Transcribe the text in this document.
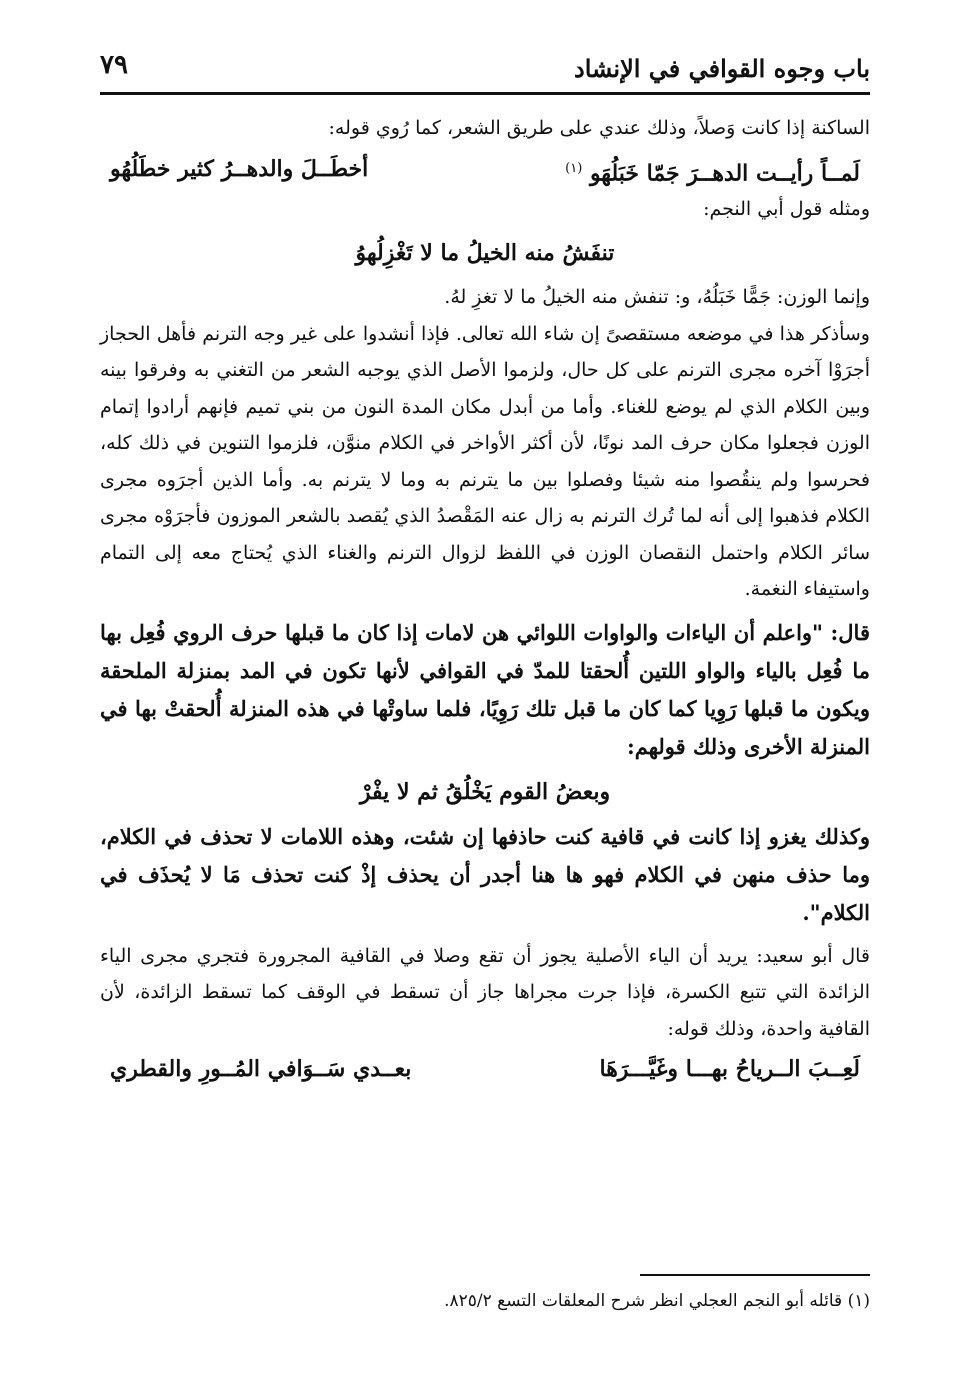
باب وجوه القوافي في الإنشاد
٧٩

الساكنة إذا كانت وَصلاً، وذلك عندي على طريق الشعر، كما رُوي قوله:

لَمــاً رأيــت الدهــرَ جَمّا خَبَلُهَو $^{(١)}$
أخطَــلَ والدهــرُ كثير خطَلُهُو

ومثله قول أبي النجم:

تنفَشُ منه الخيلُ ما لا تَغْزِلُهوُ

وإنما الوزن: جَمًّا خَبَلُهُ، و: تنفش منه الخيلُ ما لا تغزِ لهُ.

وسأذكر هذا في موضعه مستقصىً إن شاء الله تعالى. فإذا أنشدوا على غير وجه الترنم فأهل الحجاز أجرَوْا آخره مجرى الترنم على كل حال، ولزموا الأصل الذي يوجبه الشعر من التغني به وفرقوا بينه وبين الكلام الذي لم يوضع للغناء. وأما من أبدل مكان المدة النون من بني تميم فإنهم أرادوا إتمام الوزن فجعلوا مكان حرف المد نونًا، لأن أكثر الأواخر في الكلام منوَّن، فلزموا التنوين في ذلك كله، فحرسوا ولم ينقُصوا منه شيئا وفصلوا بين ما يترنم به وما لا يترنم به. وأما الذين أجرَوه مجرى الكلام فذهبوا إلى أنه لما تُرك الترنم به زال عنه المَقْصدُ الذي يُقصد بالشعر الموزون فأجرَوْه مجرى سائر الكلام واحتمل النقصان الوزن في اللفظ لزوال الترنم والغناء الذي يُحتاج معه إلى التمام واستيفاء النغمة.

قال: "واعلم أن الياءات والواوات اللوائي هن لامات إذا كان ما قبلها حرف الروي فُعِل بها ما فُعِل بالياء والواو اللتين أُلحقتا للمدّ في القوافي لأنها تكون في المد بمنزلة الملحقة ويكون ما قبلها رَوِيا كما كان ما قبل تلك رَوِيًا، فلما ساوتْها في هذه المنزلة أُلحقتْ بها في المنزلة الأخرى وذلك قولهم:

وبعضُ القوم يَخْلُقُ ثم لا يفْرْ

وكذلك يغزو إذا كانت في قافية كنت حاذفها إن شئت، وهذه اللامات لا تحذف في الكلام، وما حذف منهن في الكلام فهو ها هنا أجدر أن يحذف إذْ كنت تحذف مَا لا يُحذَف في الكلام".

قال أبو سعيد: يريد أن الياء الأصلية يجوز أن تقع وصلا في القافية المجرورة فتجري مجرى الياء الزائدة التي تتبع الكسرة، فإذا جرت مجراها جاز أن تسقط في الوقف كما تسقط الزائدة، لأن القافية واحدة، وذلك قوله:

لَعِــبَ الــرياحُ بهـــا وغَيَّـــرَهَا
بعــدي سَــوَافي المُــورِ والقطري
(١) قائله أبو النجم العجلي انظر شرح المعلقات التسع ٨٢٥/٢.
